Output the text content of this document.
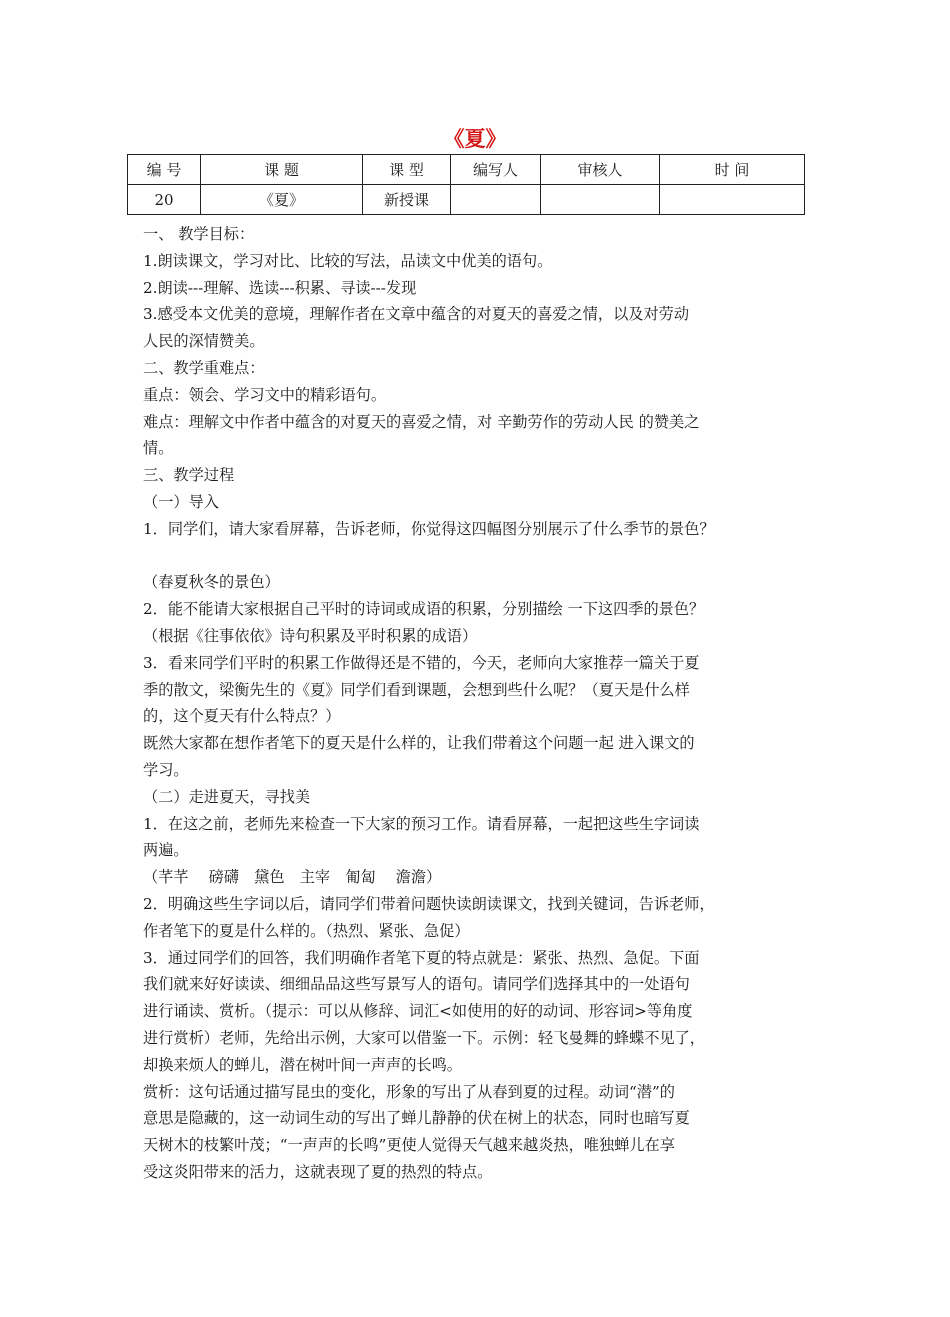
《夏》
编 号	课 题	课 型	编写人	审核人	时 间
20	《夏》	新授课			

一、 教学目标：

1.朗读课文，学习对比、比较的写法，品读文中优美的语句。

2.朗读---理解、选读---积累、寻读---发现

3.感受本文优美的意境，理解作者在文章中蕴含的对夏天的喜爱之情，以及对劳动

人民的深情赞美。

二、教学重难点：

重点：领会、学习文中的精彩语句。

难点：理解文中作者中蕴含的对夏天的喜爱之情，对 辛勤劳作的劳动人民 的赞美之

情。

三、教学过程

（一）导入

1．同学们，请大家看屏幕，告诉老师，你觉得这四幅图分别展示了什么季节的景色？

（春夏秋冬的景色）

2．能不能请大家根据自己平时的诗词或成语的积累，分别描绘 一下这四季的景色？

（根据《往事依依》诗句积累及平时积累的成语）

3．看来同学们平时的积累工作做得还是不错的，今天，老师向大家推荐一篇关于夏

季的散文，梁衡先生的《夏》同学们看到课题，会想到些什么呢？（夏天是什么样

的，这个夏天有什么特点？）

既然大家都在想作者笔下的夏天是什么样的，让我们带着这个问题一起 进入课文的

学习。

（二）走进夏天，寻找美

1．在这之前，老师先来检查一下大家的预习工作。请看屏幕，一起把这些生字词读

两遍。

（芊芊　 磅礴　黛色　主宰　匍匐　 澹澹）

2．明确这些生字词以后，请同学们带着问题快读朗读课文，找到关键词，告诉老师，

作者笔下的夏是什么样的。（热烈、紧张、急促）

3．通过同学们的回答，我们明确作者笔下夏的特点就是：紧张、热烈、急促。下面

我们就来好好读读、细细品品这些写景写人的语句。请同学们选择其中的一处语句

进行诵读、赏析。（提示：可以从修辞、词汇<如使用的好的动词、形容词>等角度

进行赏析）老师，先给出示例，大家可以借鉴一下。示例：轻飞曼舞的蜂蝶不见了，

却换来烦人的蝉儿，潜在树叶间一声声的长鸣。

赏析：这句话通过描写昆虫的变化，形象的写出了从春到夏的过程。动词“潜”的

意思是隐藏的，这一动词生动的写出了蝉儿静静的伏在树上的状态，同时也暗写夏

天树木的枝繁叶茂；“一声声的长鸣”更使人觉得天气越来越炎热，唯独蝉儿在享

受这炎阳带来的活力，这就表现了夏的热烈的特点。
